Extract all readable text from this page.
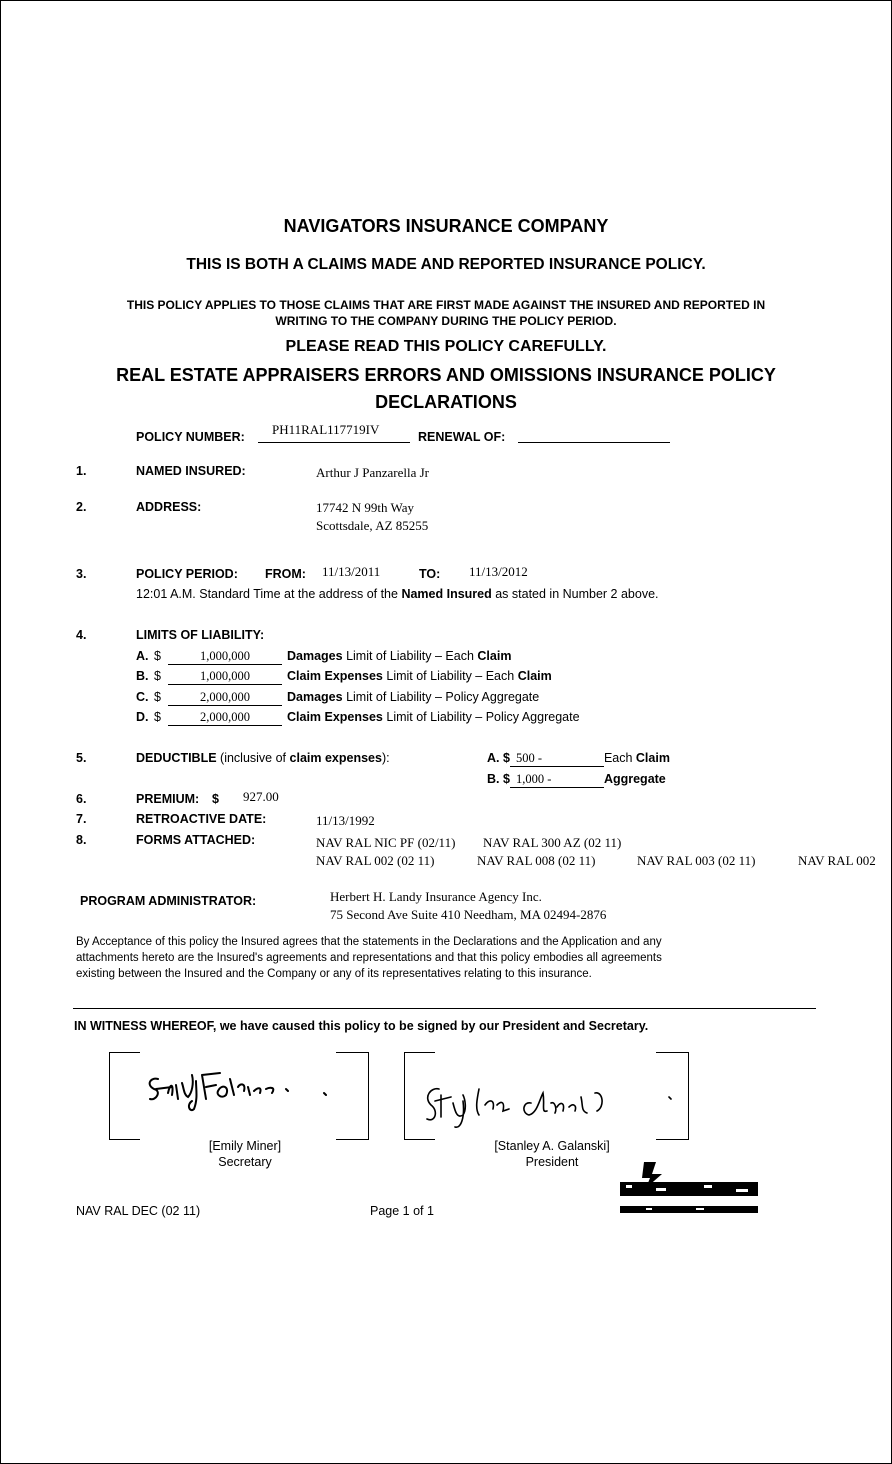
NAVIGATORS INSURANCE COMPANY
THIS IS BOTH A CLAIMS MADE AND REPORTED INSURANCE POLICY.
THIS POLICY APPLIES TO THOSE CLAIMS THAT ARE FIRST MADE AGAINST THE INSURED AND REPORTED IN
WRITING TO THE COMPANY DURING THE POLICY PERIOD.
PLEASE READ THIS POLICY CAREFULLY.
REAL ESTATE APPRAISERS ERRORS AND OMISSIONS INSURANCE POLICY
DECLARATIONS
POLICY NUMBER: PH11RAL117719IV	RENEWAL OF:
1.	NAMED INSURED:	Arthur J Panzarella Jr
2.	ADDRESS:	17742 N 99th Way
Scottsdale, AZ 85255
3.	POLICY PERIOD: FROM: 11/13/2011	TO: 11/13/2012
12:01 A.M. Standard Time at the address of the Named Insured as stated in Number 2 above.
4.	LIMITS OF LIABILITY:
A. $	1,000,000	Damages Limit of Liability – Each Claim
B. $	1,000,000	Claim Expenses Limit of Liability – Each Claim
C. $	2,000,000	Damages Limit of Liability – Policy Aggregate
D. $	2,000,000	Claim Expenses Limit of Liability – Policy Aggregate
5.	DEDUCTIBLE (inclusive of claim expenses):	A. $ 500 -	Each Claim
B. $ 1,000 -	Aggregate
6.	PREMIUM: $ 927.00
7.	RETROACTIVE DATE:	11/13/1992
8.	FORMS ATTACHED:	NAV RAL NIC PF (02/11) NAV RAL 300 AZ (02 11)
NAV RAL 002 (02 11)	NAV RAL 008 (02 11)	NAV RAL 003 (02 11)	NAV RAL 002
PROGRAM ADMINISTRATOR:	Herbert H. Landy Insurance Agency Inc.
75 Second Ave Suite 410 Needham, MA 02494-2876
By Acceptance of this policy the Insured agrees that the statements in the Declarations and the Application and any
attachments hereto are the Insured's agreements and representations and that this policy embodies all agreements
existing between the Insured and the Company or any of its representatives relating to this insurance.
IN WITNESS WHEREOF, we have caused this policy to be signed by our President and Secretary.
[Emily Miner]
Secretary
[Stanley A. Galanski]
President
NAV RAL DEC (02 11)	Page 1 of 1
